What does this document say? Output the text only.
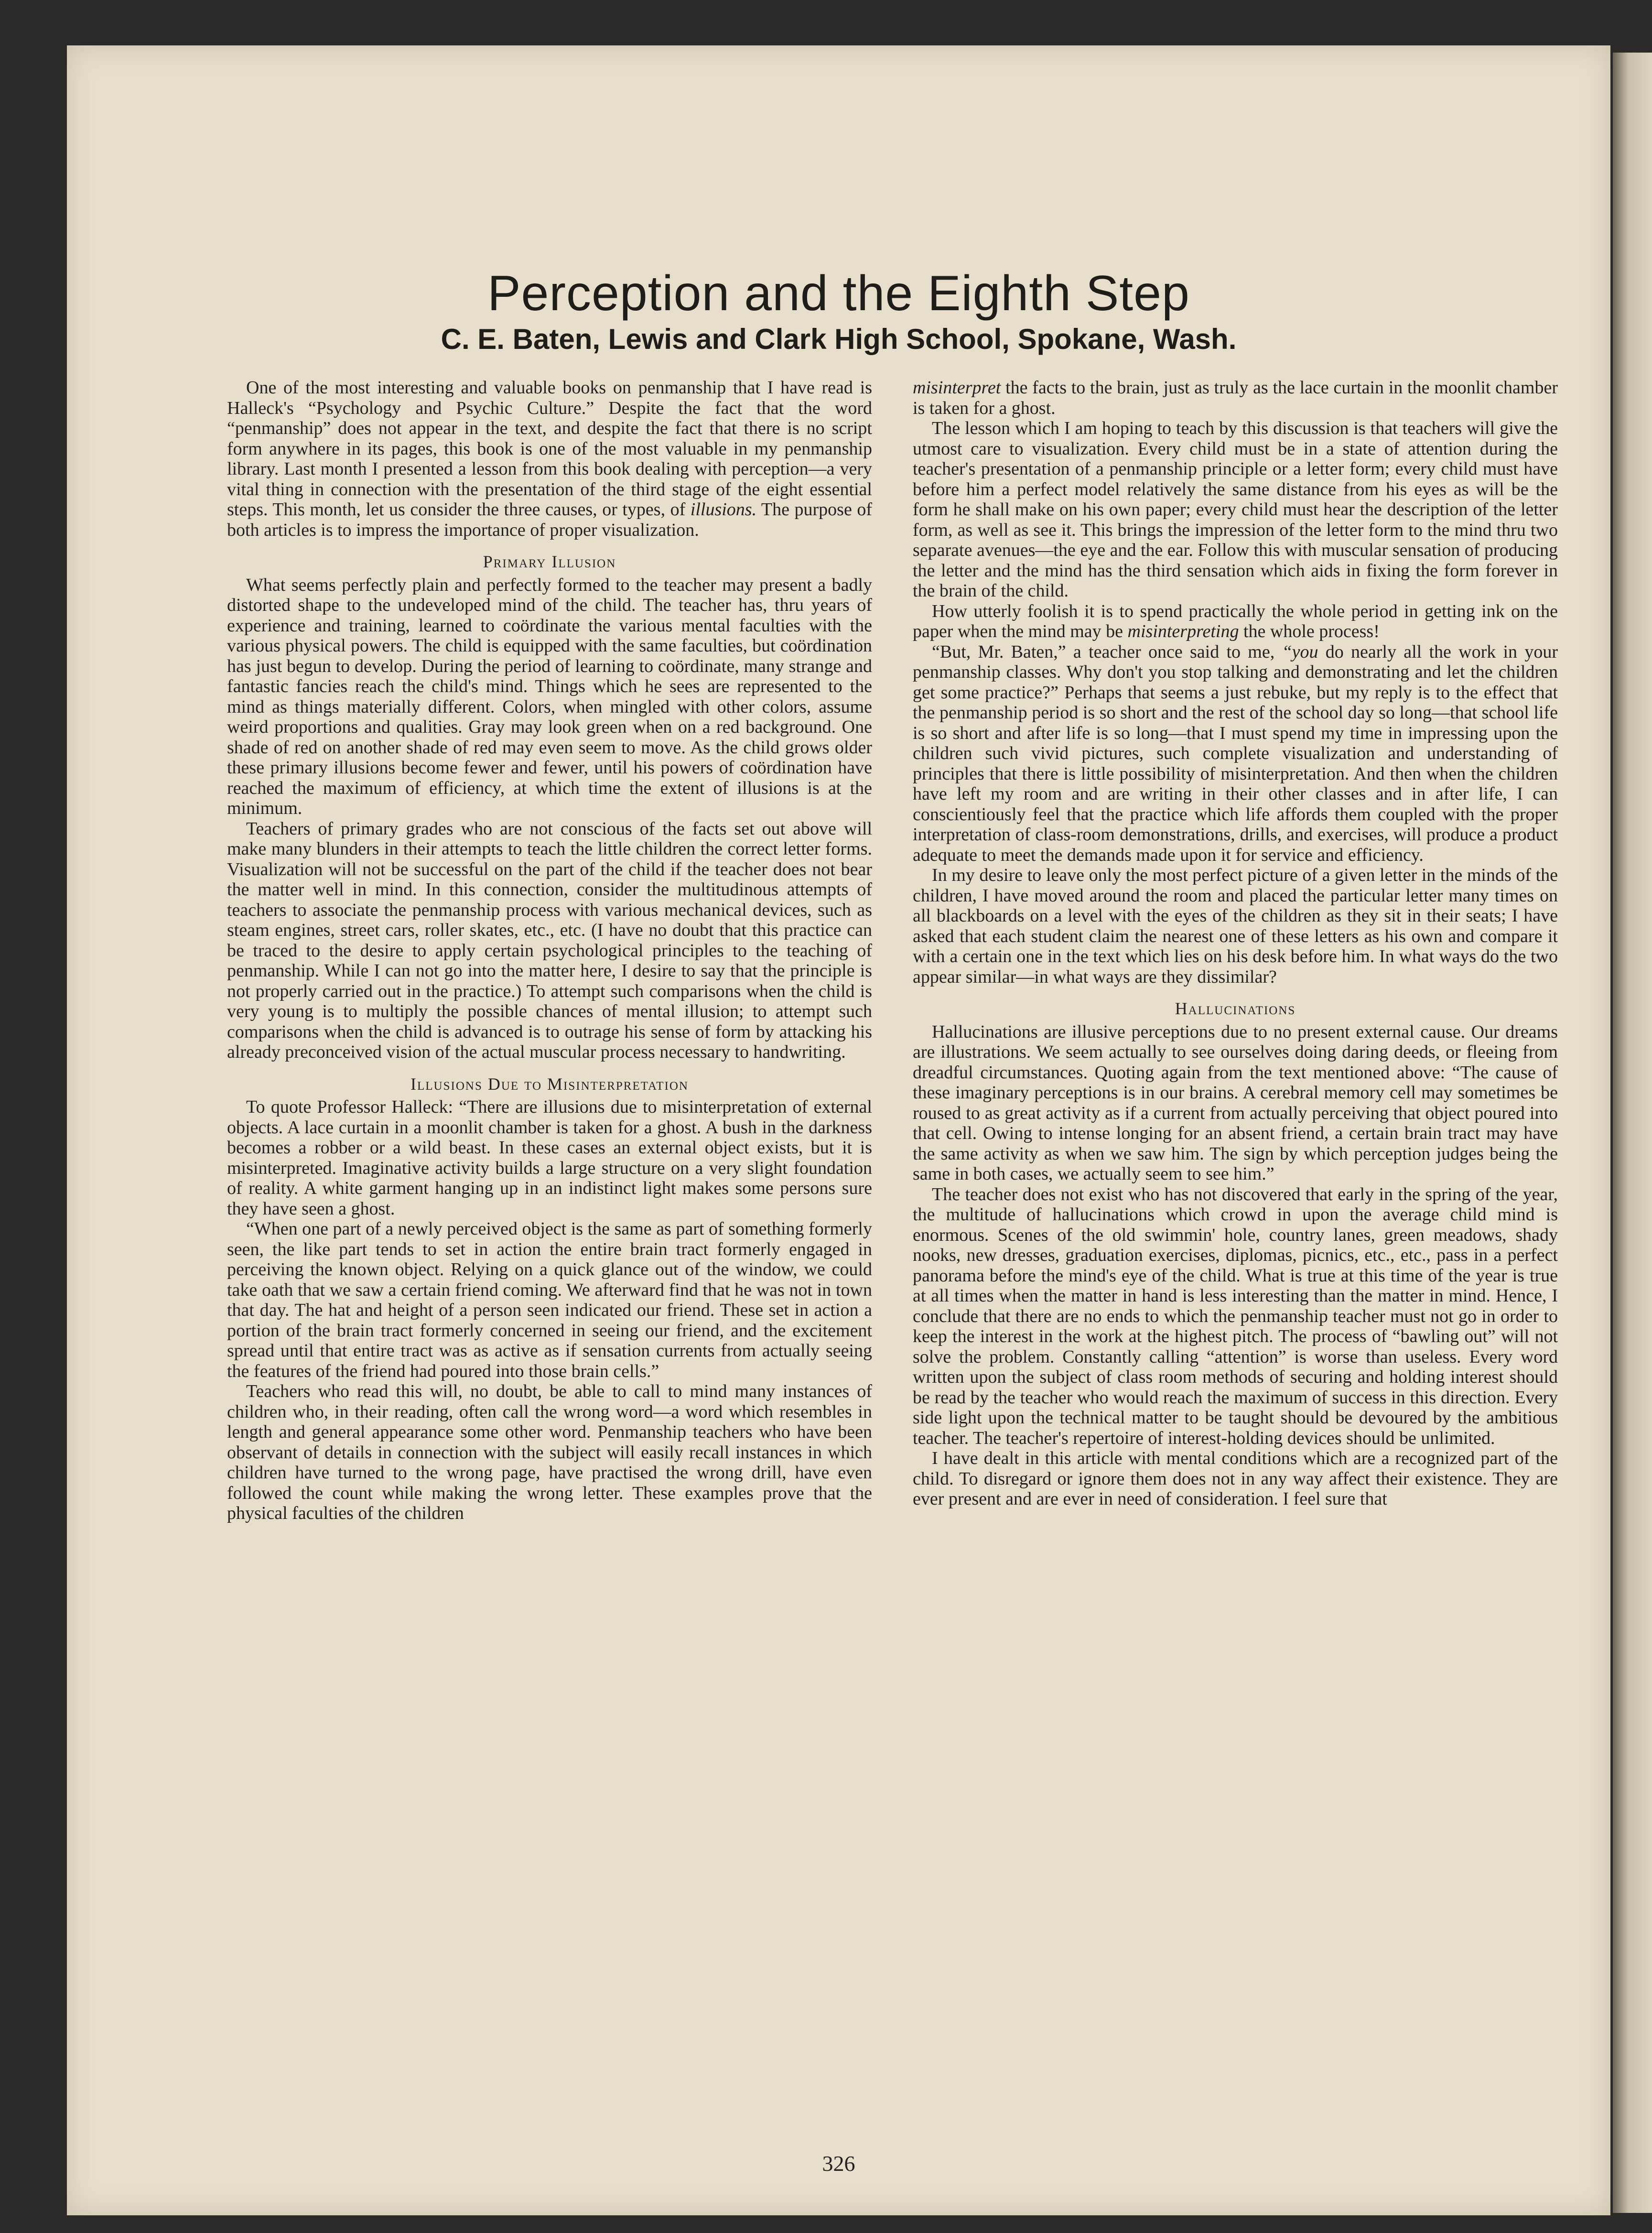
Perception and the Eighth Step
C. E. Baten, Lewis and Clark High School, Spokane, Wash.

One of the most interesting and valuable books on penmanship that I have read is Halleck's “Psychology and Psychic Culture.” Despite the fact that the word “penmanship” does not appear in the text, and despite the fact that there is no script form anywhere in its pages, this book is one of the most valuable in my penmanship library. Last month I presented a lesson from this book dealing with perception—a very vital thing in connection with the presentation of the third stage of the eight essential steps. This month, let us consider the three causes, or types, of illusions. The purpose of both articles is to impress the importance of proper visualization.

Primary Illusion

What seems perfectly plain and perfectly formed to the teacher may present a badly distorted shape to the undeveloped mind of the child. The teacher has, thru years of experience and training, learned to coördinate the various mental faculties with the various physical powers. The child is equipped with the same faculties, but coördination has just begun to develop. During the period of learning to coördinate, many strange and fantastic fancies reach the child's mind. Things which he sees are represented to the mind as things materially different. Colors, when mingled with other colors, assume weird proportions and qualities. Gray may look green when on a red background. One shade of red on another shade of red may even seem to move. As the child grows older these primary illusions become fewer and fewer, until his powers of coördination have reached the maximum of efficiency, at which time the extent of illusions is at the minimum.

Teachers of primary grades who are not conscious of the facts set out above will make many blunders in their attempts to teach the little children the correct letter forms. Visualization will not be successful on the part of the child if the teacher does not bear the matter well in mind. In this connection, consider the multitudinous attempts of teachers to associate the penmanship process with various mechanical devices, such as steam engines, street cars, roller skates, etc., etc. (I have no doubt that this practice can be traced to the desire to apply certain psychological principles to the teaching of penmanship. While I can not go into the matter here, I desire to say that the principle is not properly carried out in the practice.) To attempt such comparisons when the child is very young is to multiply the possible chances of mental illusion; to attempt such comparisons when the child is advanced is to outrage his sense of form by attacking his already preconceived vision of the actual muscular process necessary to handwriting.

Illusions Due to Misinterpretation

To quote Professor Halleck: “There are illusions due to misinterpretation of external objects. A lace curtain in a moonlit chamber is taken for a ghost. A bush in the darkness becomes a robber or a wild beast. In these cases an external object exists, but it is misinterpreted. Imaginative activity builds a large structure on a very slight foundation of reality. A white garment hanging up in an indistinct light makes some persons sure they have seen a ghost.

“When one part of a newly perceived object is the same as part of something formerly seen, the like part tends to set in action the entire brain tract formerly engaged in perceiving the known object. Relying on a quick glance out of the window, we could take oath that we saw a certain friend coming. We afterward find that he was not in town that day. The hat and height of a person seen indicated our friend. These set in action a portion of the brain tract formerly concerned in seeing our friend, and the excitement spread until that entire tract was as active as if sensation currents from actually seeing the features of the friend had poured into those brain cells.”

Teachers who read this will, no doubt, be able to call to mind many instances of children who, in their reading, often call the wrong word—a word which resembles in length and general appearance some other word. Penmanship teachers who have been observant of details in connection with the subject will easily recall instances in which children have turned to the wrong page, have practised the wrong drill, have even followed the count while making the wrong letter. These examples prove that the physical faculties of the children

misinterpret the facts to the brain, just as truly as the lace curtain in the moonlit chamber is taken for a ghost.

The lesson which I am hoping to teach by this discussion is that teachers will give the utmost care to visualization. Every child must be in a state of attention during the teacher's presentation of a penmanship principle or a letter form; every child must have before him a perfect model relatively the same distance from his eyes as will be the form he shall make on his own paper; every child must hear the description of the letter form, as well as see it. This brings the impression of the letter form to the mind thru two separate avenues—the eye and the ear. Follow this with muscular sensation of producing the letter and the mind has the third sensation which aids in fixing the form forever in the brain of the child.

How utterly foolish it is to spend practically the whole period in getting ink on the paper when the mind may be misinterpreting the whole process!

“But, Mr. Baten,” a teacher once said to me, “you do nearly all the work in your penmanship classes. Why don't you stop talking and demonstrating and let the children get some practice?” Perhaps that seems a just rebuke, but my reply is to the effect that the penmanship period is so short and the rest of the school day so long—that school life is so short and after life is so long—that I must spend my time in impressing upon the children such vivid pictures, such complete visualization and understanding of principles that there is little possibility of misinterpretation. And then when the children have left my room and are writing in their other classes and in after life, I can conscientiously feel that the practice which life affords them coupled with the proper interpretation of class-room demonstrations, drills, and exercises, will produce a product adequate to meet the demands made upon it for service and efficiency.

In my desire to leave only the most perfect picture of a given letter in the minds of the children, I have moved around the room and placed the particular letter many times on all blackboards on a level with the eyes of the children as they sit in their seats; I have asked that each student claim the nearest one of these letters as his own and compare it with a certain one in the text which lies on his desk before him. In what ways do the two appear similar—in what ways are they dissimilar?

Hallucinations

Hallucinations are illusive perceptions due to no present external cause. Our dreams are illustrations. We seem actually to see ourselves doing daring deeds, or fleeing from dreadful circumstances. Quoting again from the text mentioned above: “The cause of these imaginary perceptions is in our brains. A cerebral memory cell may sometimes be roused to as great activity as if a current from actually perceiving that object poured into that cell. Owing to intense longing for an absent friend, a certain brain tract may have the same activity as when we saw him. The sign by which perception judges being the same in both cases, we actually seem to see him.”

The teacher does not exist who has not discovered that early in the spring of the year, the multitude of hallucinations which crowd in upon the average child mind is enormous. Scenes of the old swimmin' hole, country lanes, green meadows, shady nooks, new dresses, graduation exercises, diplomas, picnics, etc., etc., pass in a perfect panorama before the mind's eye of the child. What is true at this time of the year is true at all times when the matter in hand is less interesting than the matter in mind. Hence, I conclude that there are no ends to which the penmanship teacher must not go in order to keep the interest in the work at the highest pitch. The process of “bawling out” will not solve the problem. Constantly calling “attention” is worse than useless. Every word written upon the subject of class room methods of securing and holding interest should be read by the teacher who would reach the maximum of success in this direction. Every side light upon the technical matter to be taught should be devoured by the ambitious teacher. The teacher's repertoire of interest-holding devices should be unlimited.

I have dealt in this article with mental conditions which are a recognized part of the child. To disregard or ignore them does not in any way affect their existence. They are ever present and are ever in need of consideration. I feel sure that

326
